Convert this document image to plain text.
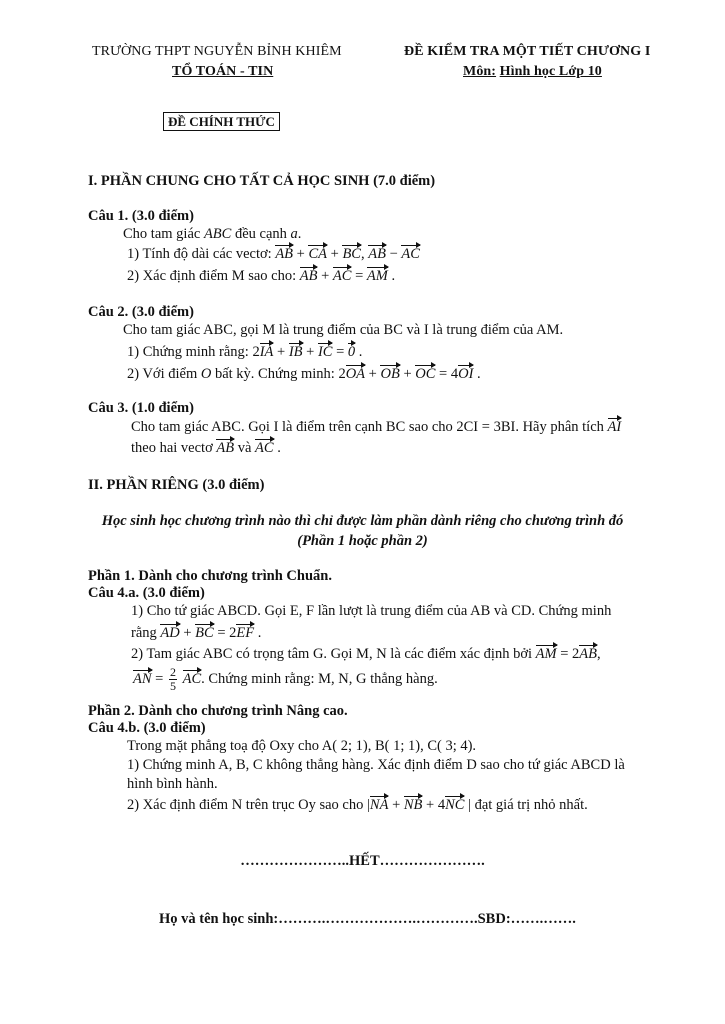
TRƯỜNG THPT NGUYỄN BỈNH KHIÊM
TỔ TOÁN - TIN
ĐỀ KIỂM TRA MỘT TIẾT CHƯƠNG I
Môn: Hình học Lớp 10
ĐỀ CHÍNH THỨC
I. PHẦN CHUNG CHO TẤT CẢ HỌC SINH (7.0 điểm)
Câu 1. (3.0 điểm)
Cho tam giác ABC đều cạnh a.
1) Tính độ dài các vectơ: AB + CA + BC, AB − AC
2) Xác định điểm M sao cho: AB + AC = AM .
Câu 2. (3.0 điểm)
Cho tam giác ABC, gọi M là trung điểm của BC và I là trung điểm của AM.
1) Chứng minh rằng: 2IA + IB + IC = 0 .
2) Với điểm O bất kỳ. Chứng minh: 2OA + OB + OC = 4OI .
Câu 3. (1.0 điểm)
Cho tam giác ABC. Gọi I là điểm trên cạnh BC sao cho 2CI = 3BI. Hãy phân tích AI
theo hai vectơ AB và AC .
II. PHẦN RIÊNG (3.0 điểm)
Học sinh học chương trình nào thì chỉ được làm phần dành riêng cho chương trình đó
(Phần 1 hoặc phần 2)
Phần 1. Dành cho chương trình Chuẩn.
Câu 4.a. (3.0 điểm)
1) Cho tứ giác ABCD. Gọi E, F lần lượt là trung điểm của AB và CD. Chứng minh
rằng AD + BC = 2EF .
2) Tam giác ABC có trọng tâm G. Gọi M, N là các điểm xác định bởi AM = 2AB,
AN = $\frac{2}{5}$ AC. Chứng minh rằng: M, N, G thẳng hàng.
Phần 2. Dành cho chương trình Nâng cao.
Câu 4.b. (3.0 điểm)
Trong mặt phẳng toạ độ Oxy cho A( 2; 1), B( 1; 1), C( 3; 4).
1) Chứng minh A, B, C không thẳng hàng. Xác định điểm D sao cho tứ giác ABCD là
hình bình hành.
2) Xác định điểm N trên trục Oy sao cho |NA + NB + 4NC | đạt giá trị nhỏ nhất.
…………………..HẾT………………….
Họ và tên học sinh:……….……………….………….SBD:…….…….
